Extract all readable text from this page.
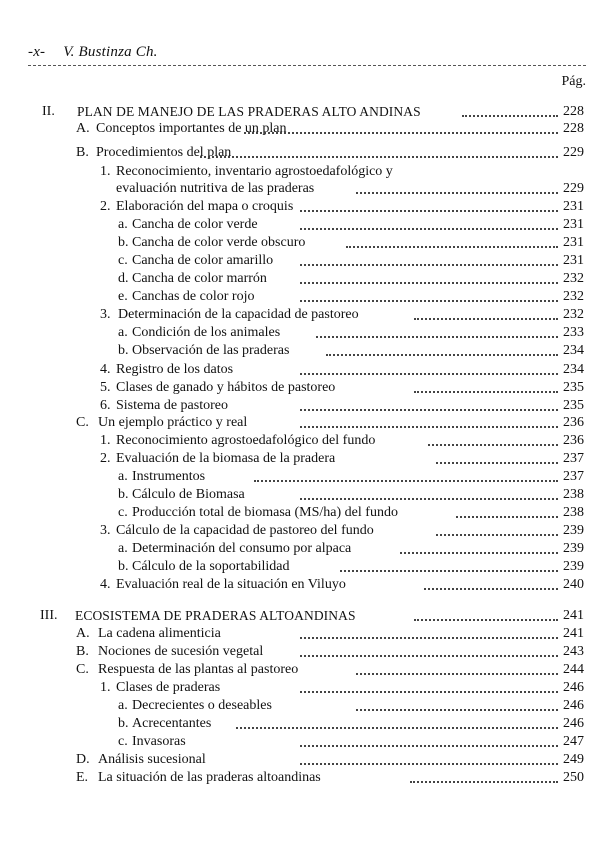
-x- V. Bustinza Ch.
Pág.
II. PLAN DE MANEJO DE LAS PRADERAS ALTO ANDINAS	228
A. Conceptos importantes de un plan	228
B. Procedimientos del plan	229
1. Reconocimiento, inventario agrostoedafológico y
evaluación nutritiva de las praderas	229
2. Elaboración del mapa o croquis	231
a. Cancha de color verde	231
b. Cancha de color verde obscuro	231
c. Cancha de color amarillo	231
d. Cancha de color marrón	232
e. Canchas de color rojo	232
3. Determinación de la capacidad de pastoreo	232
a. Condición de los animales	233
b. Observación de las praderas	234
4. Registro de los datos	234
5. Clases de ganado y hábitos de pastoreo	235
6. Sistema de pastoreo	235
C. Un ejemplo práctico y real	236
1. Reconocimiento agrostoedafológico del fundo	236
2. Evaluación de la biomasa de la pradera	237
a. Instrumentos	237
b. Cálculo de Biomasa	238
c. Producción total de biomasa (MS/ha) del fundo	238
3. Cálculo de la capacidad de pastoreo del fundo	239
a. Determinación del consumo por alpaca	239
b. Cálculo de la soportabilidad	239
4. Evaluación real de la situación en Viluyo	240
III. ECOSISTEMA DE PRADERAS ALTOANDINAS	241
A. La cadena alimenticia	241
B. Nociones de sucesión vegetal	243
C. Respuesta de las plantas al pastoreo	244
1. Clases de praderas	246
a. Decrecientes o deseables	246
b. Acrecentantes	246
c. Invasoras	247
D. Análisis sucesional	249
E. La situación de las praderas altoandinas	250
